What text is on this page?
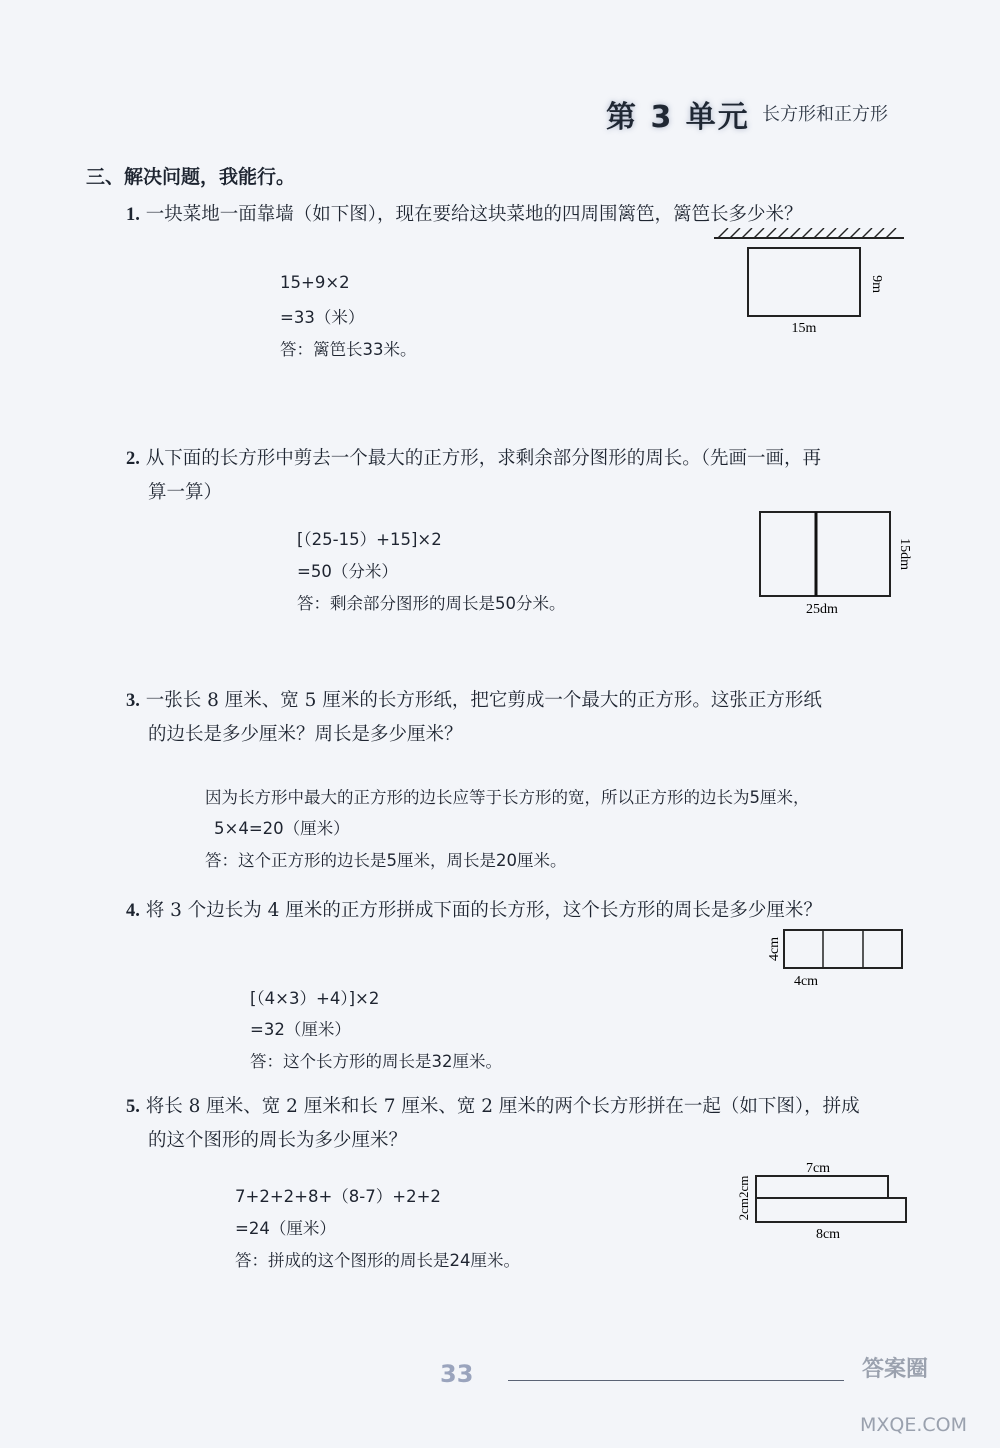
第 3 单元 长方形和正方形
三、解决问题，我能行。
1. 一块菜地一面靠墙（如下图），现在要给这块菜地的四周围篱笆，篱笆长多少米？
15+9×2
=33（米）
答：篱笆长33米。
15m
9m
2. 从下面的长方形中剪去一个最大的正方形，求剩余部分图形的周长。（先画一画，再
算一算）
[（25-15）+15]×2
=50（分米）
答：剩余部分图形的周长是50分米。	25dm
15dm
3. 一张长 8 厘米、宽 5 厘米的长方形纸，把它剪成一个最大的正方形。这张正方形纸
的边长是多少厘米？周长是多少厘米？
因为长方形中最大的正方形的边长应等于长方形的宽，所以正方形的边长为5厘米，
5×4=20（厘米）
答：这个正方形的边长是5厘米，周长是20厘米。
4. 将 3 个边长为 4 厘米的正方形拼成下面的长方形，这个长方形的周长是多少厘米？
[（4×3）+4）]×2
=32（厘米）
答：这个长方形的周长是32厘米。
4cm
4cm
5. 将长 8 厘米、宽 2 厘米和长 7 厘米、宽 2 厘米的两个长方形拼在一起（如下图），拼成
的这个图形的周长为多少厘米？
7+2+2+8+（8-7）+2+2
=24（厘米）
答：拼成的这个图形的周长是24厘米。
7cm
8cm
2cm2cm
33	答案圈
MXQE.COM
